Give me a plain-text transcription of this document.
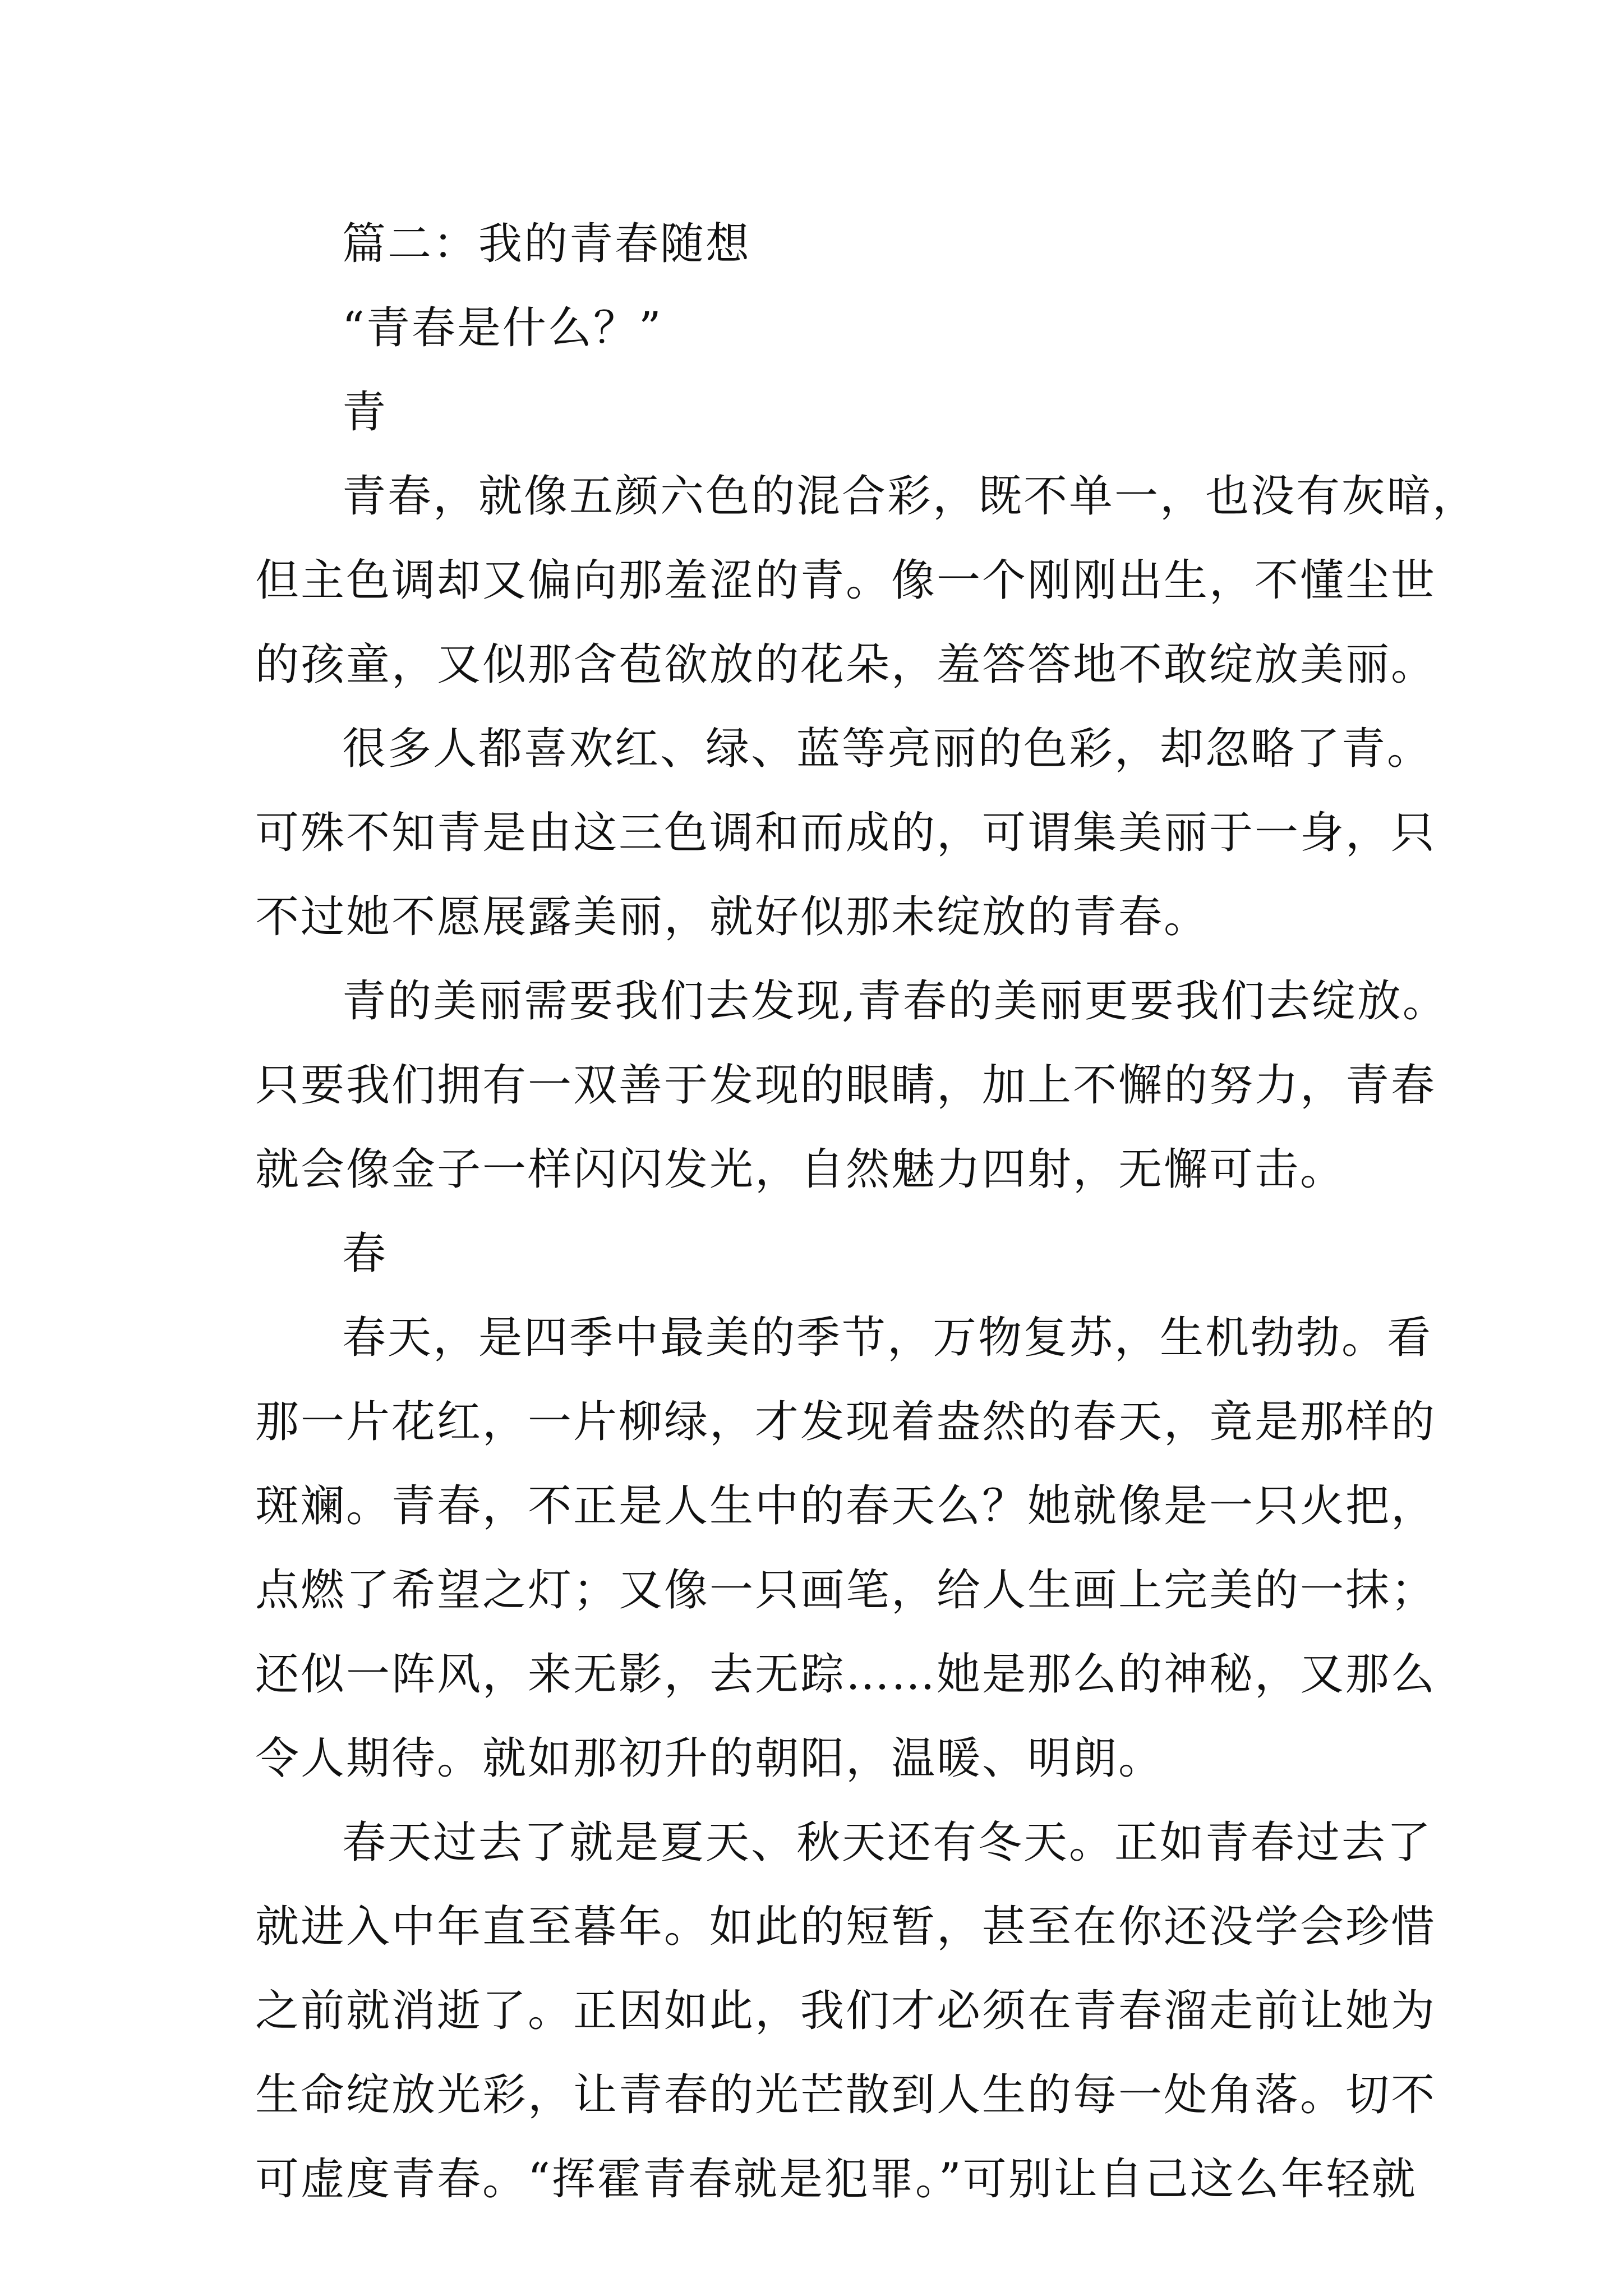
篇二：我的青春随想
“青春是什么？”
青
青春，就像五颜六色的混合彩，既不单一，也没有灰暗，
但主色调却又偏向那羞涩的青。像一个刚刚出生，不懂尘世
的孩童，又似那含苞欲放的花朵，羞答答地不敢绽放美丽。
很多人都喜欢红、绿、蓝等亮丽的色彩，却忽略了青。
可殊不知青是由这三色调和而成的，可谓集美丽于一身，只
不过她不愿展露美丽，就好似那未绽放的青春。
青的美丽需要我们去发现,青春的美丽更要我们去绽放。
只要我们拥有一双善于发现的眼睛，加上不懈的努力，青春
就会像金子一样闪闪发光，自然魅力四射，无懈可击。
春
春天，是四季中最美的季节，万物复苏，生机勃勃。看
那一片花红，一片柳绿，才发现着盎然的春天，竟是那样的
斑斓。青春，不正是人生中的春天么？她就像是一只火把，
点燃了希望之灯；又像一只画笔，给人生画上完美的一抹；
还似一阵风，来无影，去无踪……她是那么的神秘，又那么
令人期待。就如那初升的朝阳，温暖、明朗。
春天过去了就是夏天、秋天还有冬天。正如青春过去了
就进入中年直至暮年。如此的短暂，甚至在你还没学会珍惜
之前就消逝了。正因如此，我们才必须在青春溜走前让她为
生命绽放光彩，让青春的光芒散到人生的每一处角落。切不
可虚度青春。“挥霍青春就是犯罪。”可别让自己这么年轻就
